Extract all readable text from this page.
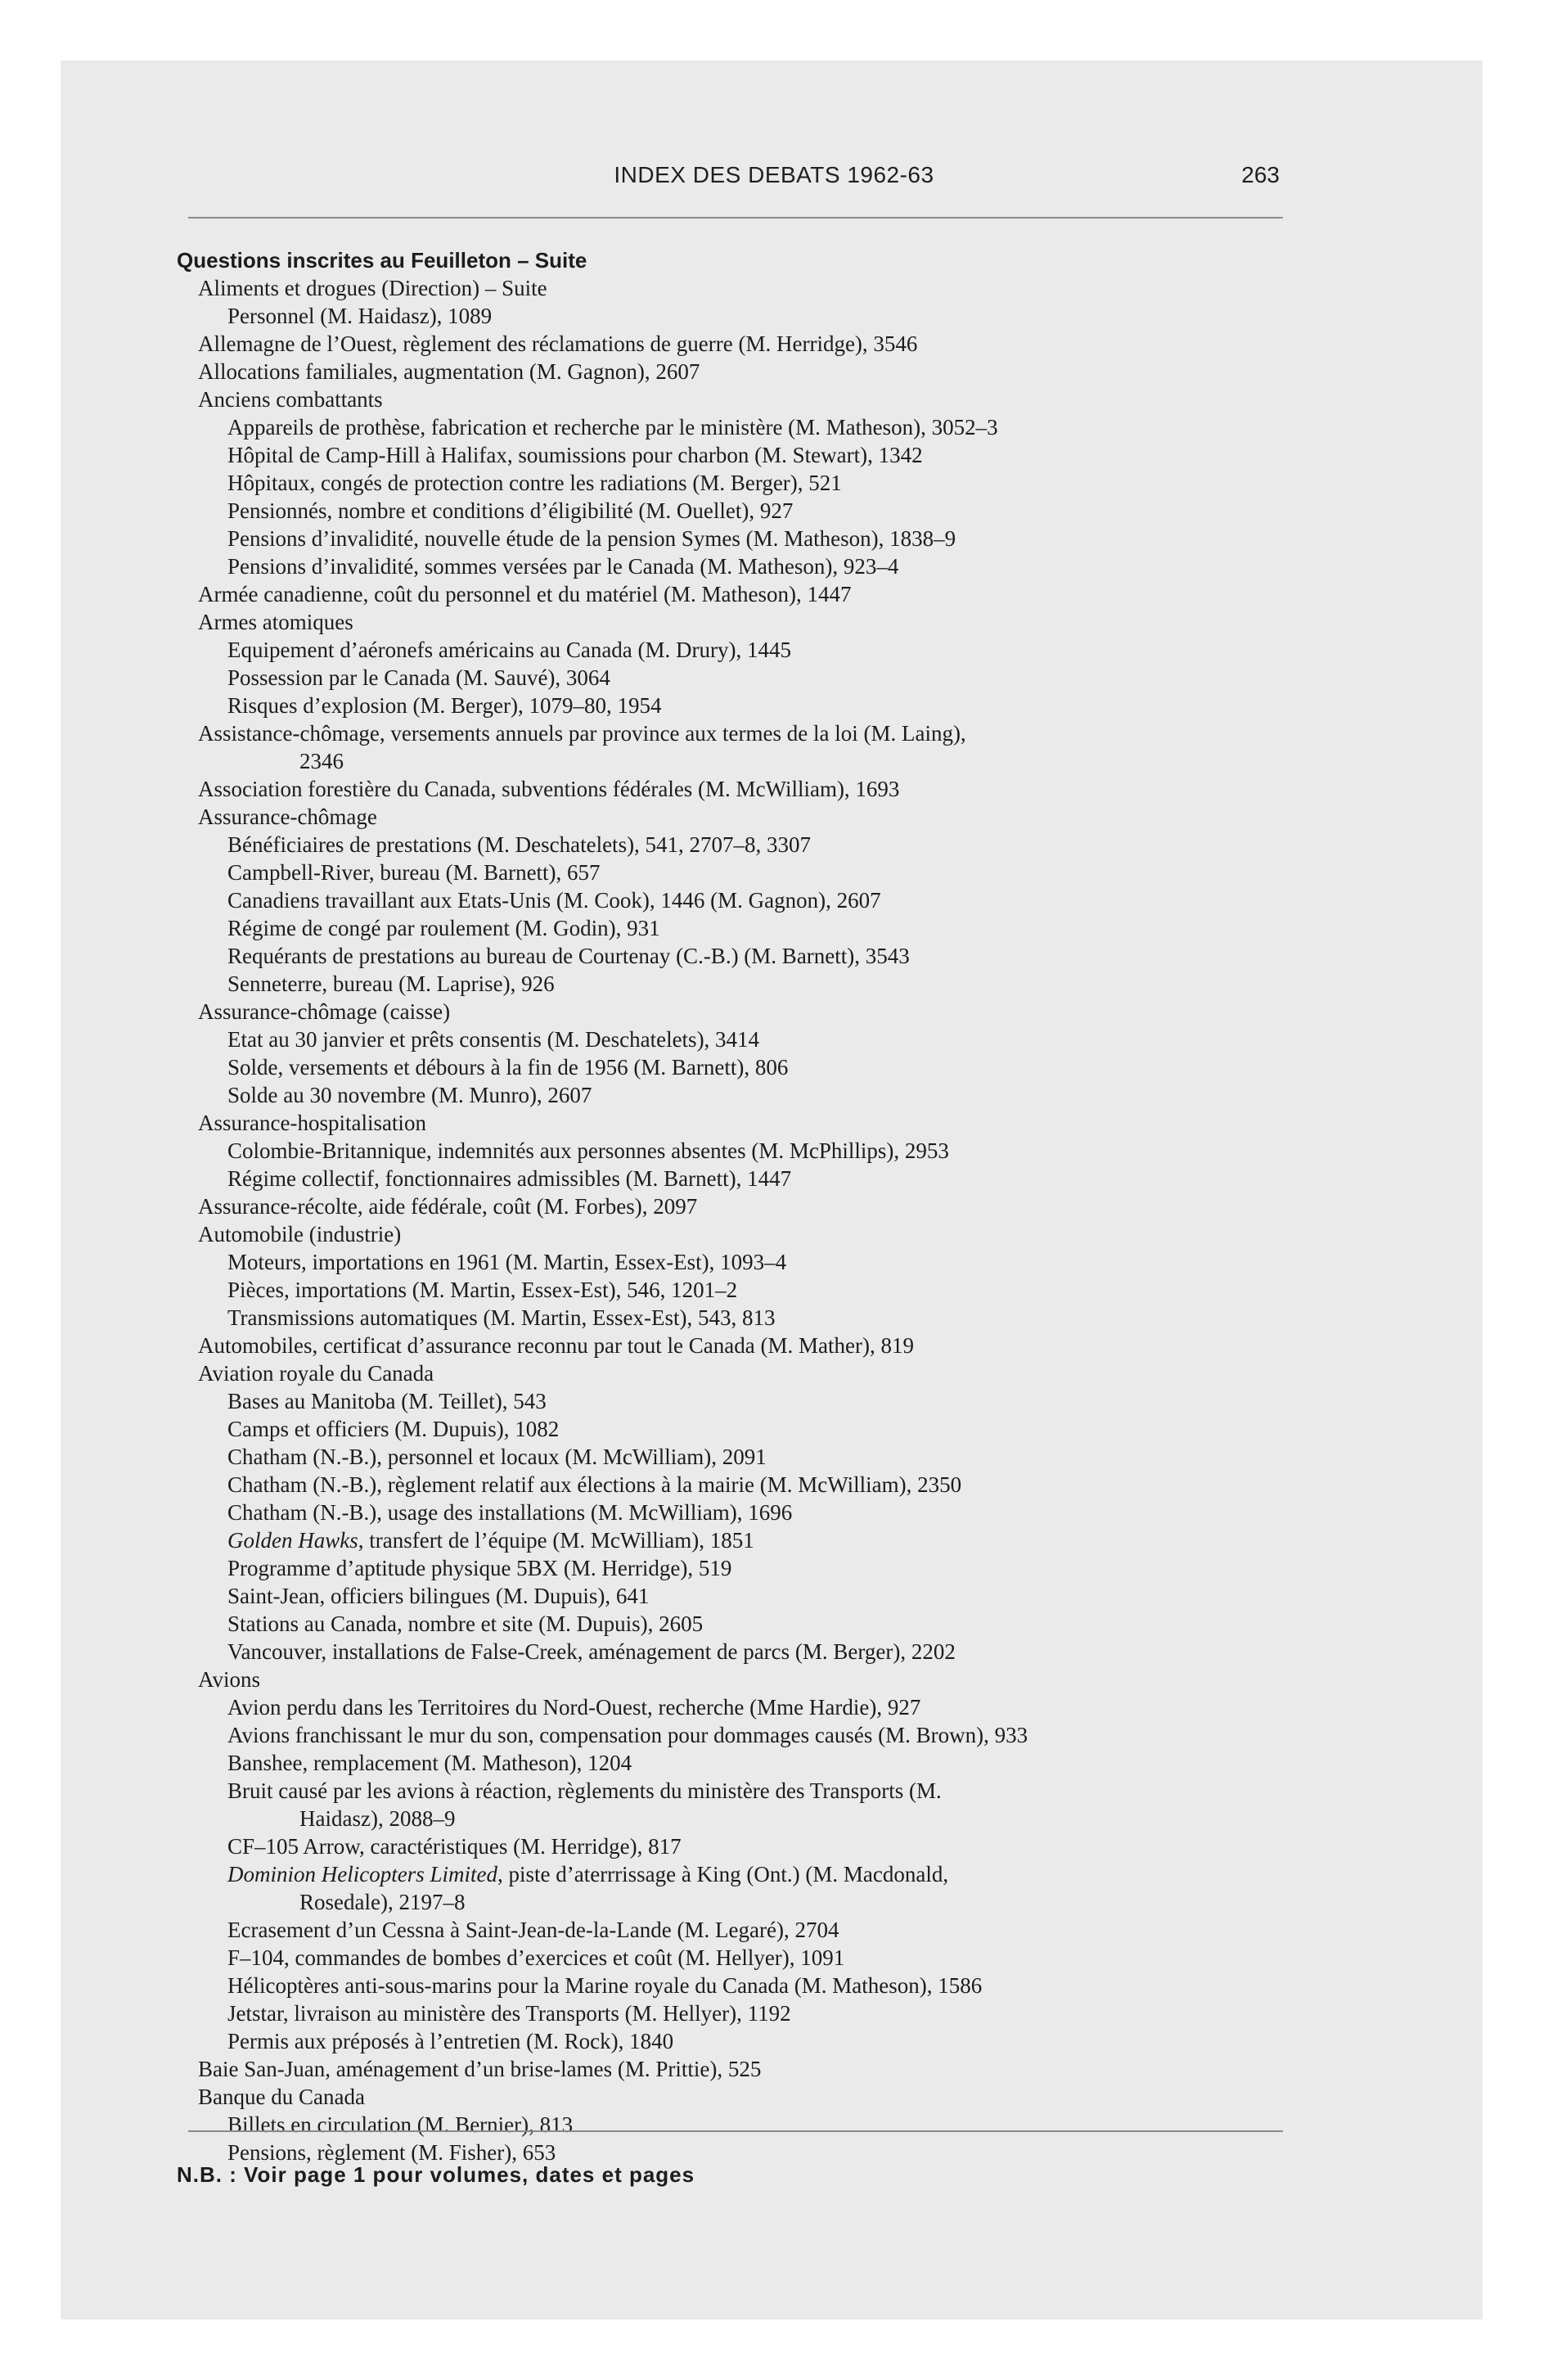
INDEX DES DEBATS 1962-63	263
Questions inscrites au Feuilleton – Suite
Aliments et drogues (Direction) – Suite
Personnel (M. Haidasz), 1089
Allemagne de l’Ouest, règlement des réclamations de guerre (M. Herridge), 3546
Allocations familiales, augmentation (M. Gagnon), 2607
Anciens combattants
Appareils de prothèse, fabrication et recherche par le ministère (M. Matheson), 3052–3
Hôpital de Camp-Hill à Halifax, soumissions pour charbon (M. Stewart), 1342
Hôpitaux, congés de protection contre les radiations (M. Berger), 521
Pensionnés, nombre et conditions d’éligibilité (M. Ouellet), 927
Pensions d’invalidité, nouvelle étude de la pension Symes (M. Matheson), 1838–9
Pensions d’invalidité, sommes versées par le Canada (M. Matheson), 923–4
Armée canadienne, coût du personnel et du matériel (M. Matheson), 1447
Armes atomiques
Equipement d’aéronefs américains au Canada (M. Drury), 1445
Possession par le Canada (M. Sauvé), 3064
Risques d’explosion (M. Berger), 1079–80, 1954
Assistance-chômage, versements annuels par province aux termes de la loi (M. Laing),
2346
Association forestière du Canada, subventions fédérales (M. McWilliam), 1693
Assurance-chômage
Bénéficiaires de prestations (M. Deschatelets), 541, 2707–8, 3307
Campbell-River, bureau (M. Barnett), 657
Canadiens travaillant aux Etats-Unis (M. Cook), 1446 (M. Gagnon), 2607
Régime de congé par roulement (M. Godin), 931
Requérants de prestations au bureau de Courtenay (C.-B.) (M. Barnett), 3543
Senneterre, bureau (M. Laprise), 926
Assurance-chômage (caisse)
Etat au 30 janvier et prêts consentis (M. Deschatelets), 3414
Solde, versements et débours à la fin de 1956 (M. Barnett), 806
Solde au 30 novembre (M. Munro), 2607
Assurance-hospitalisation
Colombie-Britannique, indemnités aux personnes absentes (M. McPhillips), 2953
Régime collectif, fonctionnaires admissibles (M. Barnett), 1447
Assurance-récolte, aide fédérale, coût (M. Forbes), 2097
Automobile (industrie)
Moteurs, importations en 1961 (M. Martin, Essex-Est), 1093–4
Pièces, importations (M. Martin, Essex-Est), 546, 1201–2
Transmissions automatiques (M. Martin, Essex-Est), 543, 813
Automobiles, certificat d’assurance reconnu par tout le Canada (M. Mather), 819
Aviation royale du Canada
Bases au Manitoba (M. Teillet), 543
Camps et officiers (M. Dupuis), 1082
Chatham (N.-B.), personnel et locaux (M. McWilliam), 2091
Chatham (N.-B.), règlement relatif aux élections à la mairie (M. McWilliam), 2350
Chatham (N.-B.), usage des installations (M. McWilliam), 1696
Golden Hawks, transfert de l’équipe (M. McWilliam), 1851
Programme d’aptitude physique 5BX (M. Herridge), 519
Saint-Jean, officiers bilingues (M. Dupuis), 641
Stations au Canada, nombre et site (M. Dupuis), 2605
Vancouver, installations de False-Creek, aménagement de parcs (M. Berger), 2202
Avions
Avion perdu dans les Territoires du Nord-Ouest, recherche (Mme Hardie), 927
Avions franchissant le mur du son, compensation pour dommages causés (M. Brown), 933
Banshee, remplacement (M. Matheson), 1204
Bruit causé par les avions à réaction, règlements du ministère des Transports (M.
Haidasz), 2088–9
CF–105 Arrow, caractéristiques (M. Herridge), 817
Dominion Helicopters Limited, piste d’aterrrissage à King (Ont.) (M. Macdonald,
Rosedale), 2197–8
Ecrasement d’un Cessna à Saint-Jean-de-la-Lande (M. Legaré), 2704
F–104, commandes de bombes d’exercices et coût (M. Hellyer), 1091
Hélicoptères anti-sous-marins pour la Marine royale du Canada (M. Matheson), 1586
Jetstar, livraison au ministère des Transports (M. Hellyer), 1192
Permis aux préposés à l’entretien (M. Rock), 1840
Baie San-Juan, aménagement d’un brise-lames (M. Prittie), 525
Banque du Canada
Billets en circulation (M. Bernier), 813
Pensions, règlement (M. Fisher), 653
N.B. : Voir page 1 pour volumes, dates et pages
